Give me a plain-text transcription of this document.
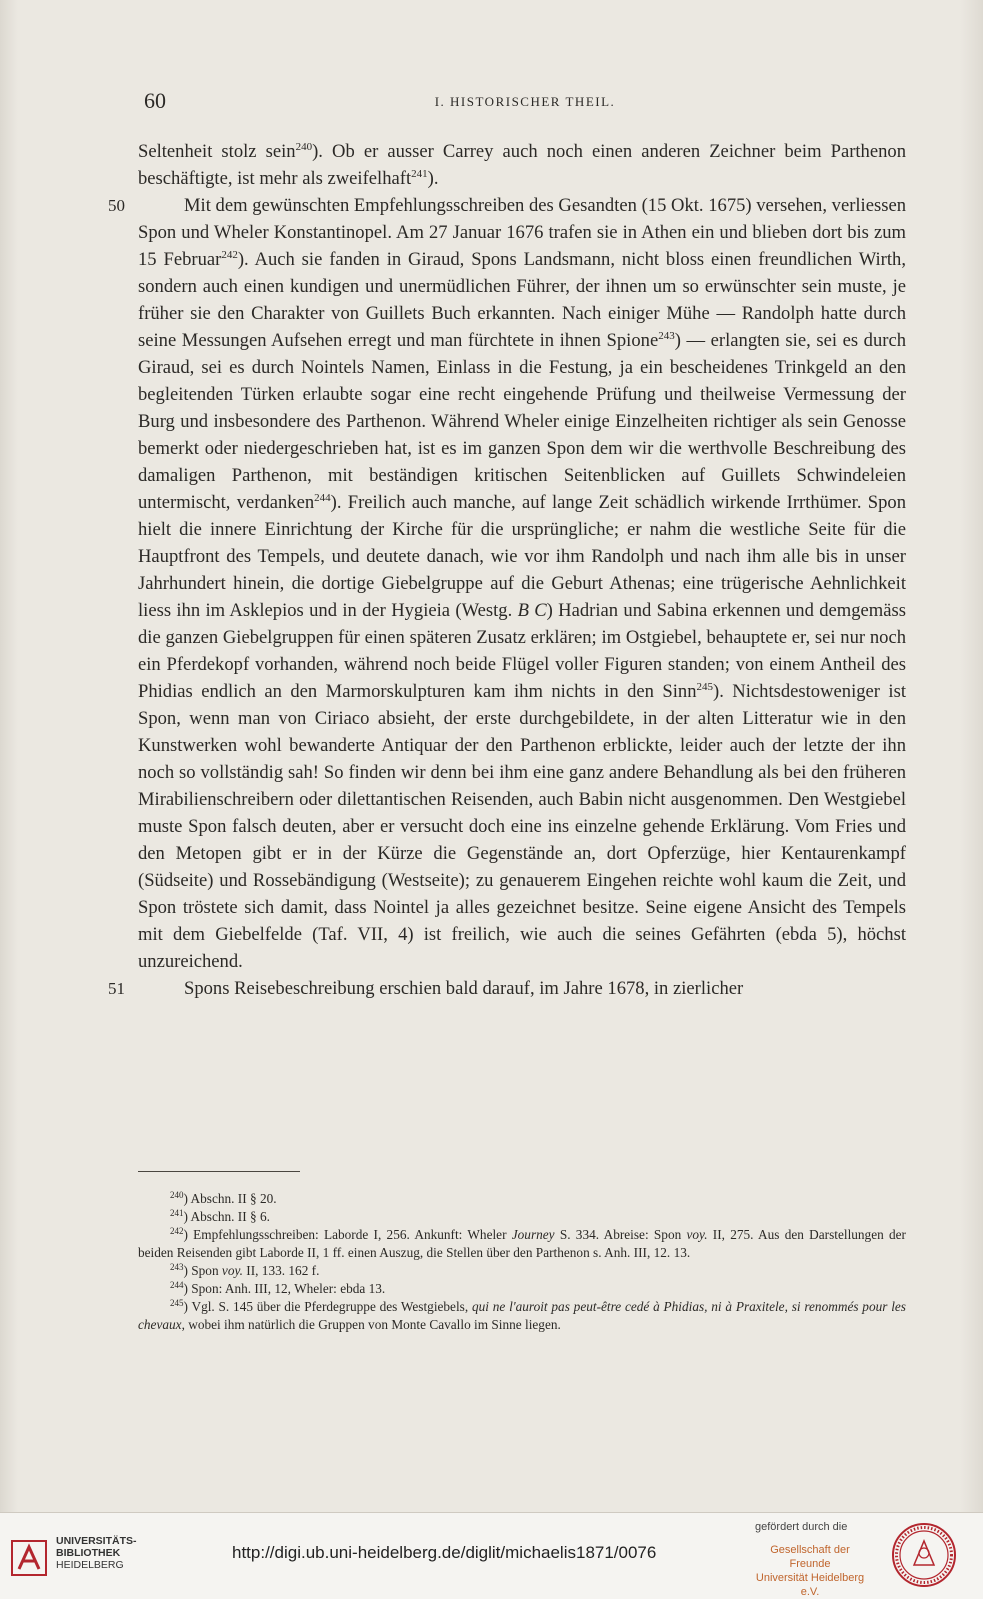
60	I. HISTORISCHER THEIL.

Seltenheit stolz sein$^{240}$). Ob er ausser Carrey auch noch einen anderen Zeichner beim Parthenon beschäftigte, ist mehr als zweifelhaft$^{241}$).

50	Mit dem gewünschten Empfehlungsschreiben des Gesandten (15 Okt. 1675) versehen, verliessen Spon und Wheler Konstantinopel. Am 27 Januar 1676 trafen sie in Athen ein und blieben dort bis zum 15 Februar$^{242}$). Auch sie fanden in Giraud, Spons Landsmann, nicht bloss einen freundlichen Wirth, sondern auch einen kundigen und unermüdlichen Führer, der ihnen um so erwünschter sein muste, je früher sie den Charakter von Guillets Buch erkannten. Nach einiger Mühe — Randolph hatte durch seine Messungen Aufsehen erregt und man fürchtete in ihnen Spione$^{243}$) — erlangten sie, sei es durch Giraud, sei es durch Nointels Namen, Einlass in die Festung, ja ein bescheidenes Trinkgeld an den begleitenden Türken erlaubte sogar eine recht eingehende Prüfung und theilweise Vermessung der Burg und insbesondere des Parthenon. Während Wheler einige Einzelheiten richtiger als sein Genosse bemerkt oder niedergeschrieben hat, ist es im ganzen Spon dem wir die werthvolle Beschreibung des damaligen Parthenon, mit beständigen kritischen Seitenblicken auf Guillets Schwindeleien untermischt, verdanken$^{244}$). Freilich auch manche, auf lange Zeit schädlich wirkende Irrthümer. Spon hielt die innere Einrichtung der Kirche für die ursprüngliche; er nahm die westliche Seite für die Hauptfront des Tempels, und deutete danach, wie vor ihm Randolph und nach ihm alle bis in unser Jahrhundert hinein, die dortige Giebelgruppe auf die Geburt Athenas; eine trügerische Aehnlichkeit liess ihn im Asklepios und in der Hygieia (Westg. B C) Hadrian und Sabina erkennen und demgemäss die ganzen Giebelgruppen für einen späteren Zusatz erklären; im Ostgiebel, behauptete er, sei nur noch ein Pferdekopf vorhanden, während noch beide Flügel voller Figuren standen; von einem Antheil des Phidias endlich an den Marmorskulpturen kam ihm nichts in den Sinn$^{245}$). Nichtsdestoweniger ist Spon, wenn man von Ciriaco absieht, der erste durchgebildete, in der alten Litteratur wie in den Kunstwerken wohl bewanderte Antiquar der den Parthenon erblickte, leider auch der letzte der ihn noch so vollständig sah! So finden wir denn bei ihm eine ganz andere Behandlung als bei den früheren Mirabilienschreibern oder dilettantischen Reisenden, auch Babin nicht ausgenommen. Den Westgiebel muste Spon falsch deuten, aber er versucht doch eine ins einzelne gehende Erklärung. Vom Fries und den Metopen gibt er in der Kürze die Gegenstände an, dort Opferzüge, hier Kentaurenkampf (Südseite) und Rossebändigung (Westseite); zu genauerem Eingehen reichte wohl kaum die Zeit, und Spon tröstete sich damit, dass Nointel ja alles gezeichnet besitze. Seine eigene Ansicht des Tempels mit dem Giebelfelde (Taf. VII, 4) ist freilich, wie auch die seines Gefährten (ebda 5), höchst unzureichend.

51	Spons Reisebeschreibung erschien bald darauf, im Jahre 1678, in zierlicher

$^{240}$) Abschn. II § 20.

$^{241}$) Abschn. II § 6.

$^{242}$) Empfehlungsschreiben: Laborde I, 256. Ankunft: Wheler Journey S. 334. Abreise: Spon voy. II, 275. Aus den Darstellungen der beiden Reisenden gibt Laborde II, 1 ff. einen Auszug, die Stellen über den Parthenon s. Anh. III, 12. 13.

$^{243}$) Spon voy. II, 133. 162 f.

$^{244}$) Spon: Anh. III, 12, Wheler: ebda 13.

$^{245}$) Vgl. S. 145 über die Pferdegruppe des Westgiebels, qui ne l'auroit pas peut-être cedé à Phidias, ni à Praxitele, si renommés pour les chevaux, wobei ihm natürlich die Gruppen von Monte Cavallo im Sinne liegen.

UNIVERSITÄTS-
BIBLIOTHEK
HEIDELBERG
http://digi.ub.uni-heidelberg.de/diglit/michaelis1871/0076
gefördert durch die
Gesellschaft der Freunde
Universität Heidelberg e.V.
